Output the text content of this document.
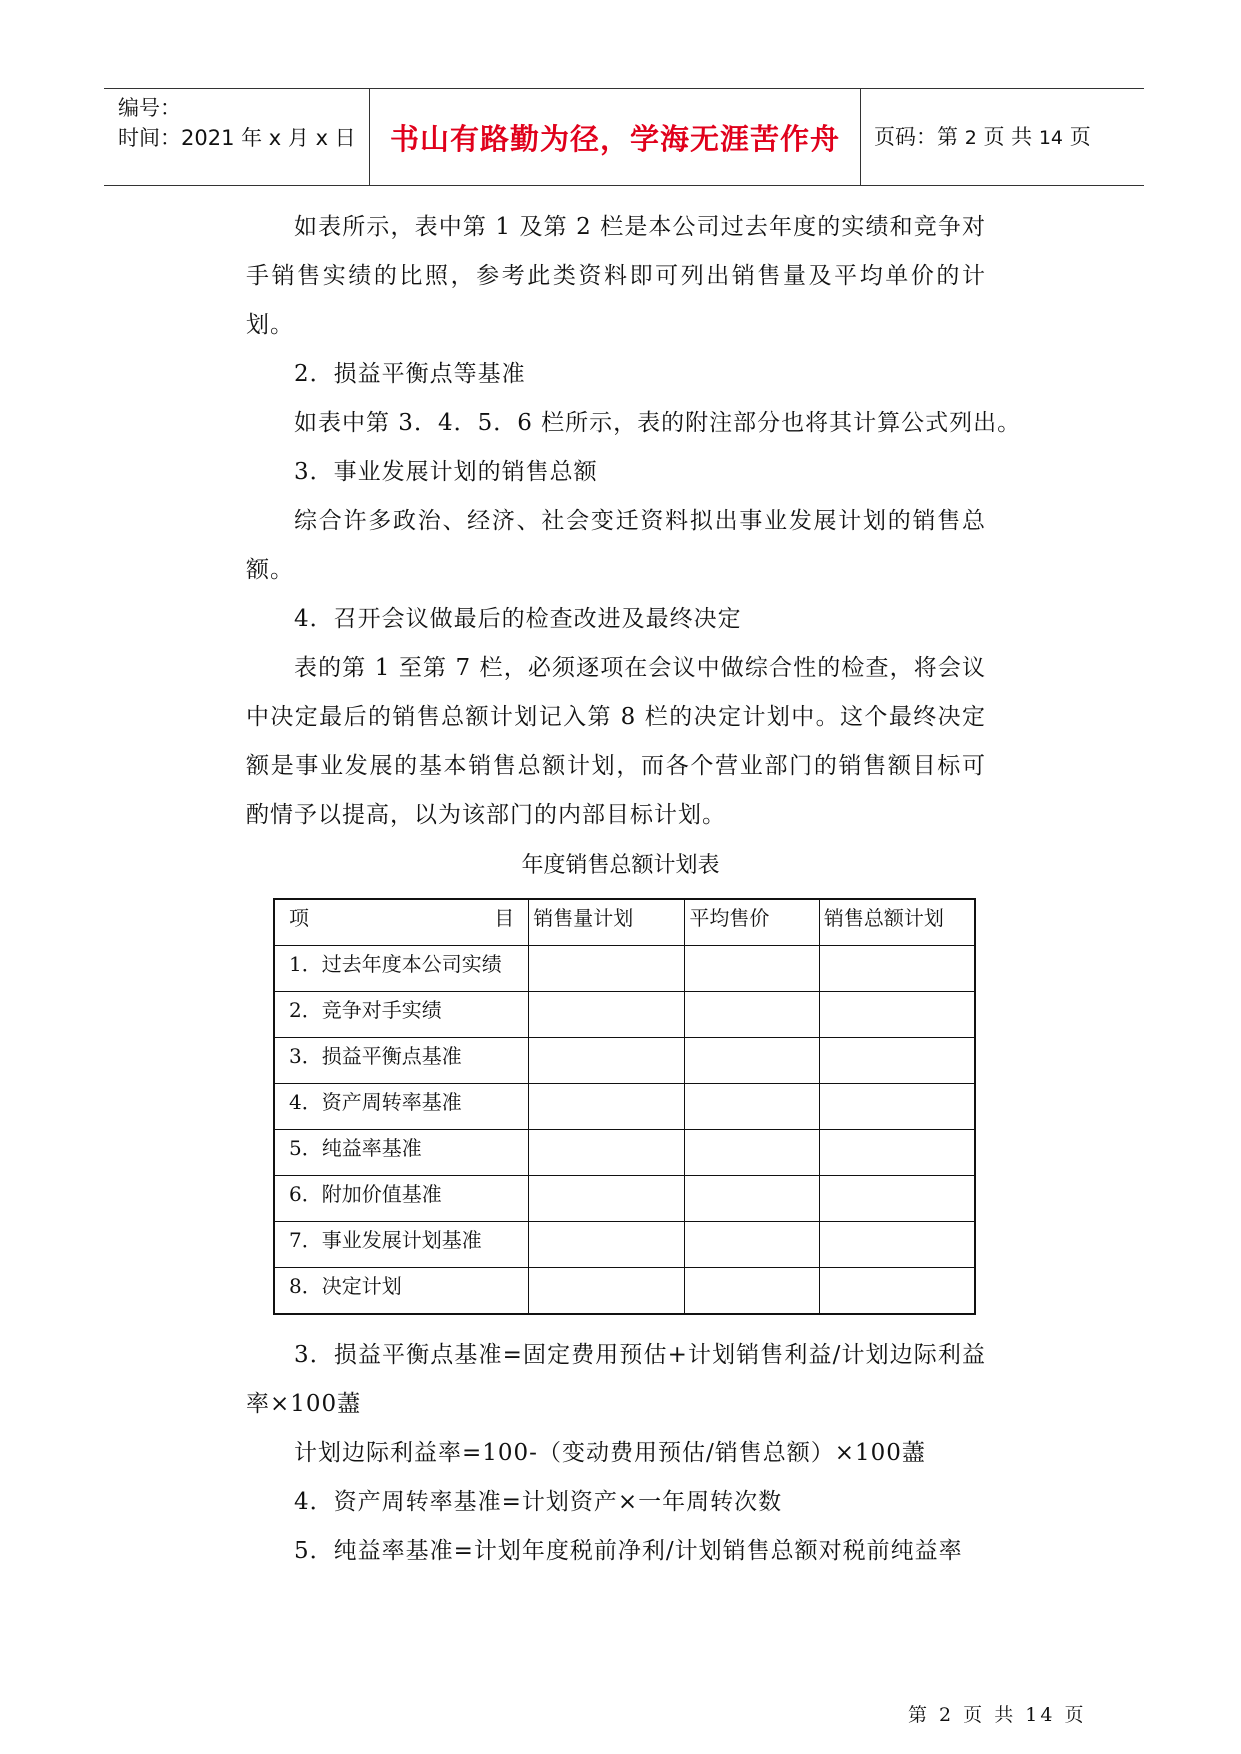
编号：
时间：2021 年 x 月 x 日	书山有路勤为径，学海无涯苦作舟	页码：第 2 页 共 14 页
如表所示，表中第 1 及第 2 栏是本公司过去年度的实绩和竞争对手销售实绩的比照，参考此类资料即可列出销售量及平均单价的计划。
2．损益平衡点等基准
如表中第 3．4．5．6 栏所示，表的附注部分也将其计算公式列出。
3．事业发展计划的销售总额
综合许多政治、经济、社会变迁资料拟出事业发展计划的销售总额。
4．召开会议做最后的检查改进及最终决定
表的第 1 至第 7 栏，必须逐项在会议中做综合性的检查，将会议中决定最后的销售总额计划记入第 8 栏的决定计划中。这个最终决定额是事业发展的基本销售总额计划，而各个营业部门的销售额目标可酌情予以提高，以为该部门的内部目标计划。
年度销售总额计划表
项 目	销售量计划	平均售价	销售总额计划
1．过去年度本公司实绩			
2．竞争对手实绩			
3．损益平衡点基准			
4．资产周转率基准			
5．纯益率基准			
6．附加价值基准			
7．事业发展计划基准			
8．决定计划			
3．损益平衡点基准=固定费用预估+计划销售利益/计划边际利益率×100藎
计划边际利益率=100-（变动费用预估/销售总额）×100藎
4．资产周转率基准=计划资产×一年周转次数
5．纯益率基准=计划年度税前净利/计划销售总额对税前纯益率
第 2 页 共 14 页
